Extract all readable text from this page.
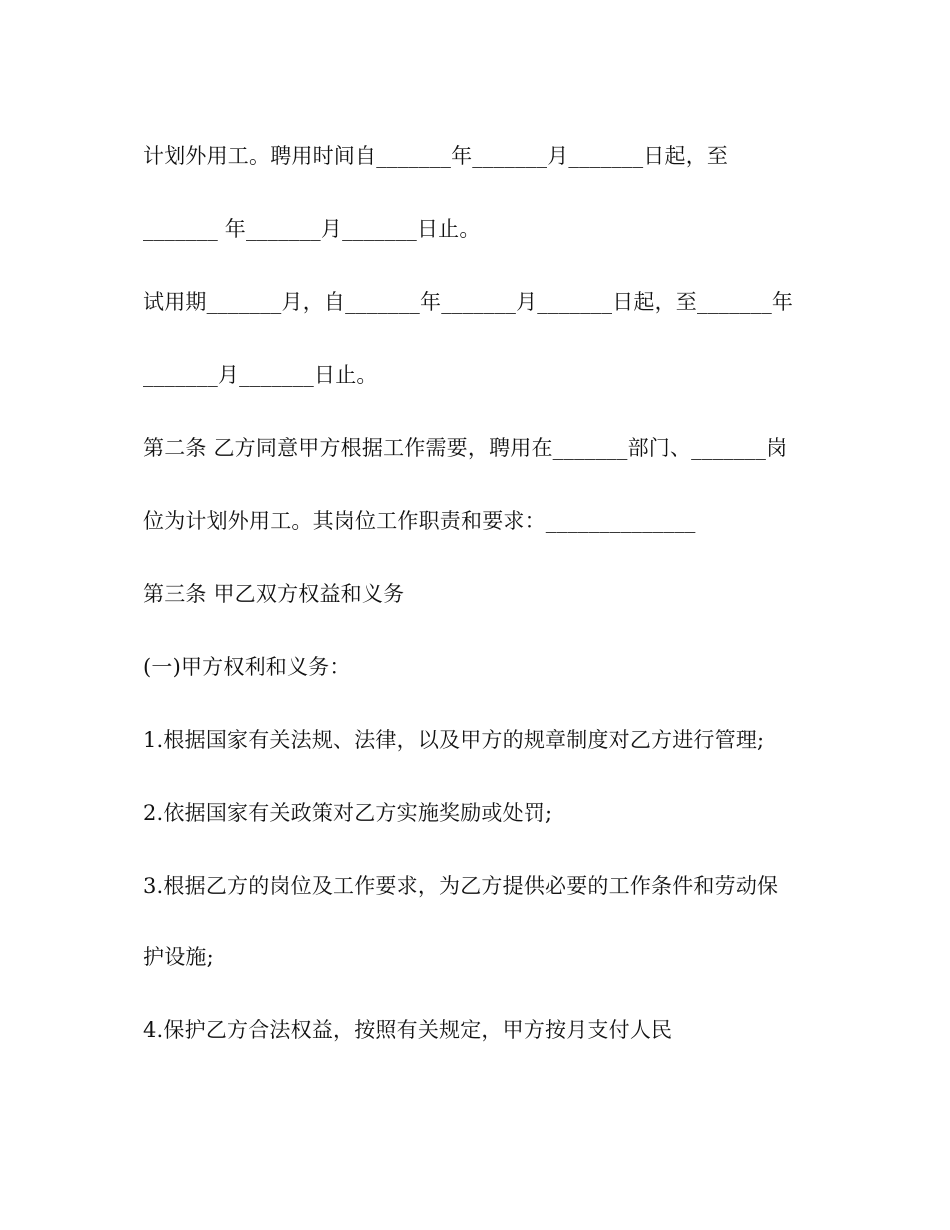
计划外用工。聘用时间自_______年_______月_______日起，至
_______ 年_______月_______日止。
试用期_______月，自_______年_______月_______日起，至_______年
_______月_______日止。
第二条 乙方同意甲方根据工作需要，聘用在_______部门、_______岗
位为计划外用工。其岗位工作职责和要求：______________
第三条 甲乙双方权益和义务
(一)甲方权利和义务：
1.根据国家有关法规、法律，以及甲方的规章制度对乙方进行管理;
2.依据国家有关政策对乙方实施奖励或处罚;
3.根据乙方的岗位及工作要求，为乙方提供必要的工作条件和劳动保
护设施;
4.保护乙方合法权益，按照有关规定，甲方按月支付人民
